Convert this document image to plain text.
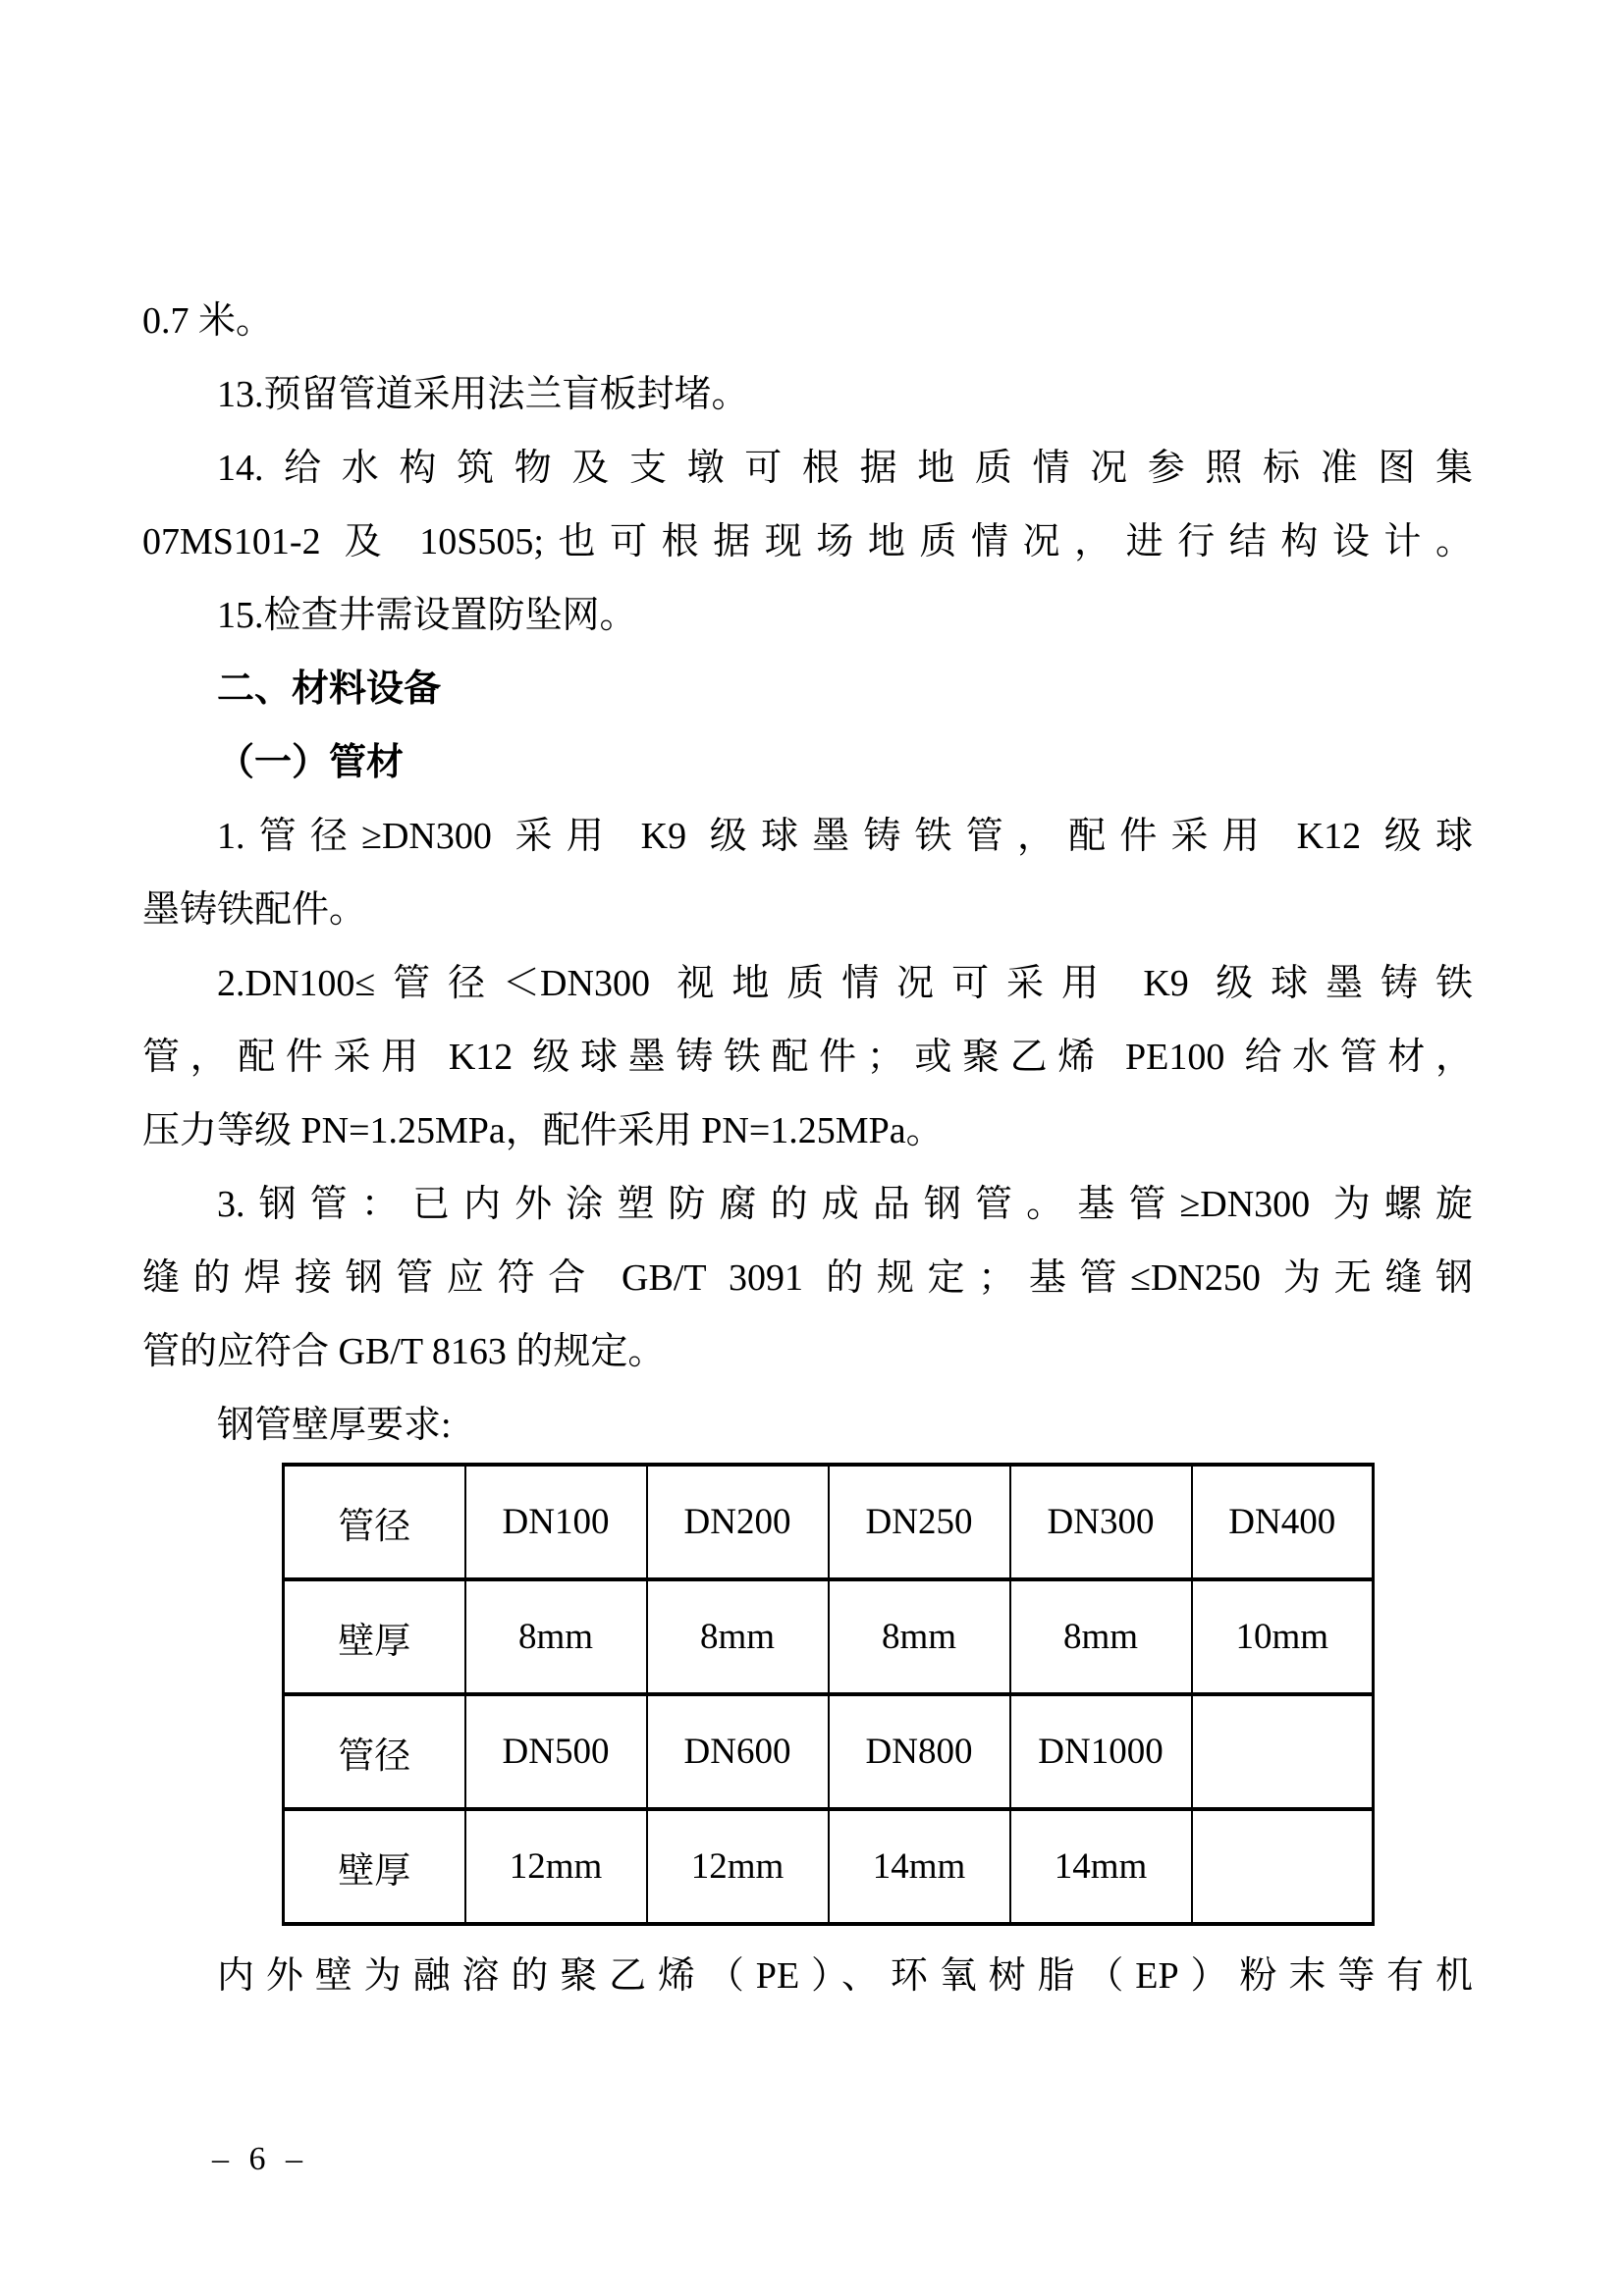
0.7 米。
13.预留管道采用法兰盲板封堵。
14.给水构筑物及支墩可根据地质情况参照标准图集
07MS101-2 及 10S505;也可根据现场地质情况，进行结构设计。
15.检查井需设置防坠网。
二、材料设备
（一）管材
1.管径≥DN300 采用 K9 级球墨铸铁管，配件采用 K12 级球
墨铸铁配件。
2.DN100≤管径＜DN300 视地质情况可采用 K9 级球墨铸铁
管，配件采用 K12 级球墨铸铁配件；或聚乙烯 PE100 给水管材，
压力等级 PN=1.25MPa，配件采用 PN=1.25MPa。
3.钢管：已内外涂塑防腐的成品钢管。基管≥DN300 为螺旋
缝的焊接钢管应符合 GB/T 3091 的规定；基管≤DN250 为无缝钢
管的应符合 GB/T 8163 的规定。
钢管壁厚要求:
管径	DN100	DN200	DN250	DN300	DN400
壁厚	8mm	8mm	8mm	8mm	10mm
管径	DN500	DN600	DN800	DN1000	
壁厚	12mm	12mm	14mm	14mm	
内外壁为融溶的聚乙烯（PE）、环氧树脂（EP）粉末等有机
– 6 –
